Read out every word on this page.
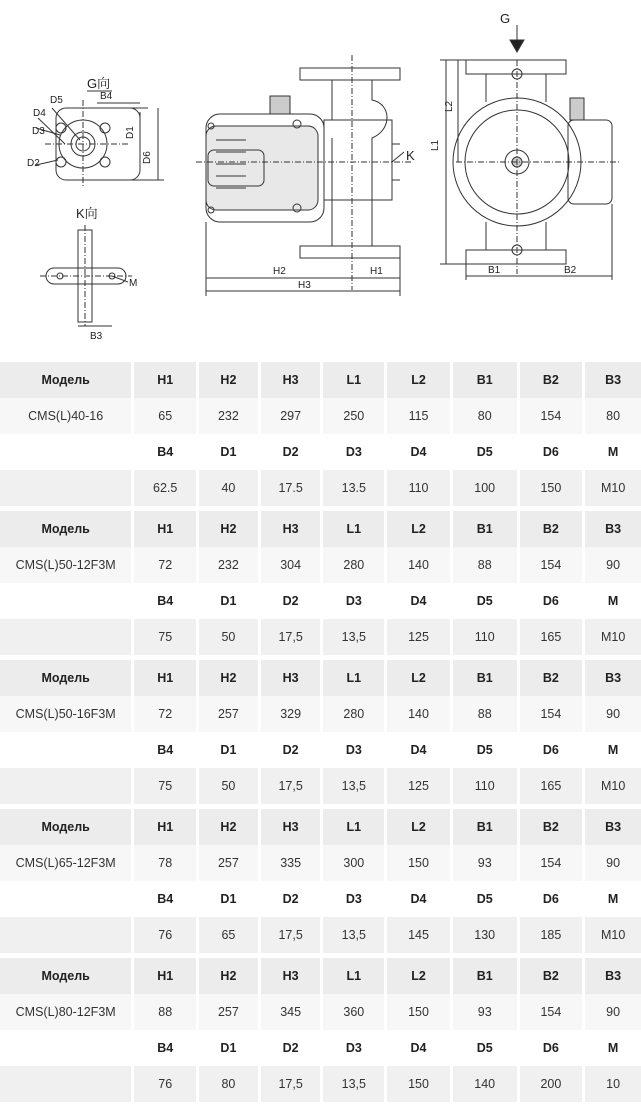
G向
B4
D1
D6
D5
D4
D3
D2
K向
M
B3
K
H2	H1
H3
G
L1
L2
B1	B2
Модель	H1	H2	H3	L1	L2	B1	B2	B3
CMS(L)40-16	65	232	297	250	115	80	154	80
B4	D1	D2	D3	D4	D5	D6	M
62.5	40	17.5	13.5	110	100	150	M10
Модель	H1	H2	H3	L1	L2	B1	B2	B3
CMS(L)50-12F3M	72	232	304	280	140	88	154	90
B4	D1	D2	D3	D4	D5	D6	M
75	50	17,5	13,5	125	110	165	M10
Модель	H1	H2	H3	L1	L2	B1	B2	B3
CMS(L)50-16F3M	72	257	329	280	140	88	154	90
B4	D1	D2	D3	D4	D5	D6	M
75	50	17,5	13,5	125	110	165	M10
Модель	H1	H2	H3	L1	L2	B1	B2	B3
CMS(L)65-12F3M	78	257	335	300	150	93	154	90
B4	D1	D2	D3	D4	D5	D6	M
76	65	17,5	13,5	145	130	185	M10
Модель	H1	H2	H3	L1	L2	B1	B2	B3
CMS(L)80-12F3M	88	257	345	360	150	93	154	90
B4	D1	D2	D3	D4	D5	D6	M
76	80	17,5	13,5	150	140	200	10
